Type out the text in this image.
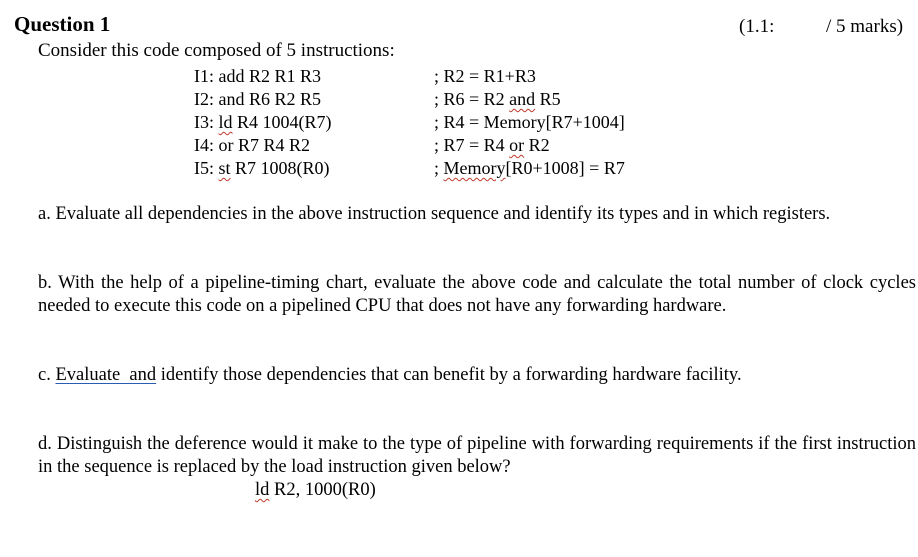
Question 1	(1.1:	/ 5 marks)
Consider this code composed of 5 instructions:
I1: add R2 R1 R3	; R2 = R1+R3
I2: and R6 R2 R5	; R6 = R2 and R5
I3: ld R4 1004(R7)	; R4 = Memory[R7+1004]
I4: or R7 R4 R2	; R7 = R4 or R2
I5: st R7 1008(R0)	; Memory[R0+1008] = R7
a. Evaluate all dependencies in the above instruction sequence and identify its types and in which registers.
b. With the help of a pipeline-timing chart, evaluate the above code and calculate the total number of clock cycles needed to execute this code on a pipelined CPU that does not have any forwarding hardware.
c. Evaluate  and identify those dependencies that can benefit by a forwarding hardware facility.
d. Distinguish the deference would it make to the type of pipeline with forwarding requirements if the first instruction in the sequence is replaced by the load instruction given below?
ld R2, 1000(R0)
